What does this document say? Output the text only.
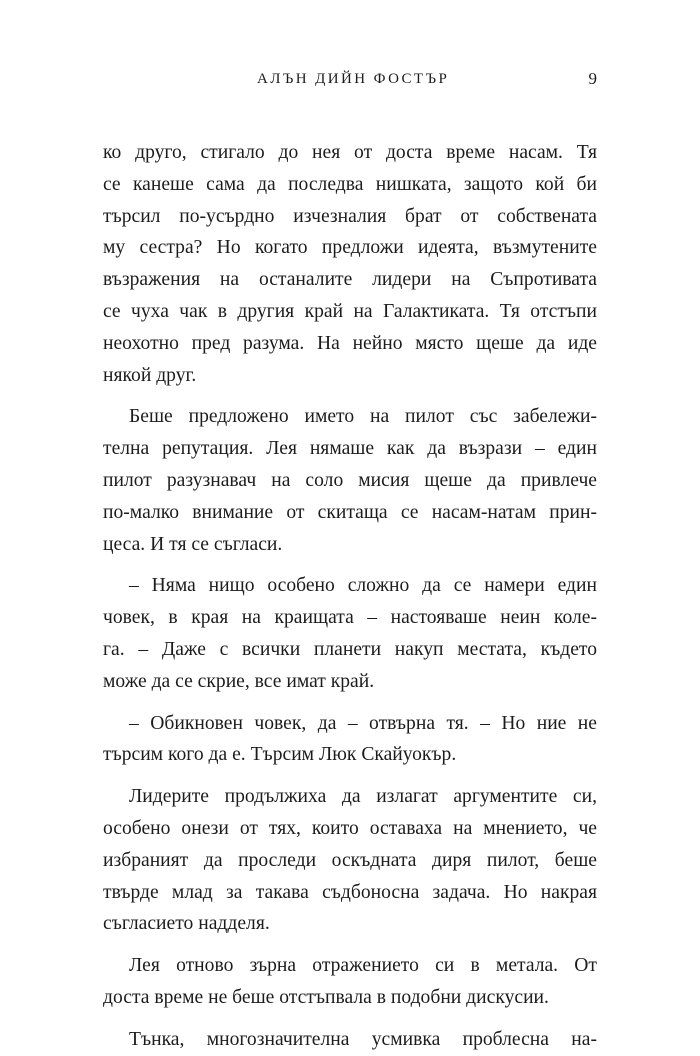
АЛЪН ДИЙН ФОСТЪР	9
ко друго, стигало до нея от доста време насам. Тя
се канеше сама да последва нишката, защото кой би
търсил по-усърдно изчезналия брат от собствената
му сестра? Но когато предложи идеята, възмутените
възражения на останалите лидери на Съпротивата
се чуха чак в другия край на Галактиката. Тя отстъпи
неохотно пред разума. На нейно място щеше да иде
някой друг.
Беше предложено името на пилот със забележи-
телна репутация. Лея нямаше как да възрази – един
пилот разузнавач на соло мисия щеше да привлече
по-малко внимание от скитаща се насам-натам прин-
цеса. И тя се съгласи.
– Няма нищо особено сложно да се намери един
човек, в края на краищата – настояваше неин коле-
га. – Даже с всички планети накуп местата, където
може да се скрие, все имат край.
– Обикновен човек, да – отвърна тя. – Но ние не
търсим кого да е. Търсим Люк Скайуокър.
Лидерите продължиха да излагат аргументите си,
особено онези от тях, които оставаха на мнението, че
избраният да проследи оскъдната диря пилот, беше
твърде млад за такава съдбоносна задача. Но накрая
съгласието надделя.
Лея отново зърна отражението си в метала. От
доста време не беше отстъпвала в подобни дискусии.
Тънка, многозначителна усмивка проблесна на-
